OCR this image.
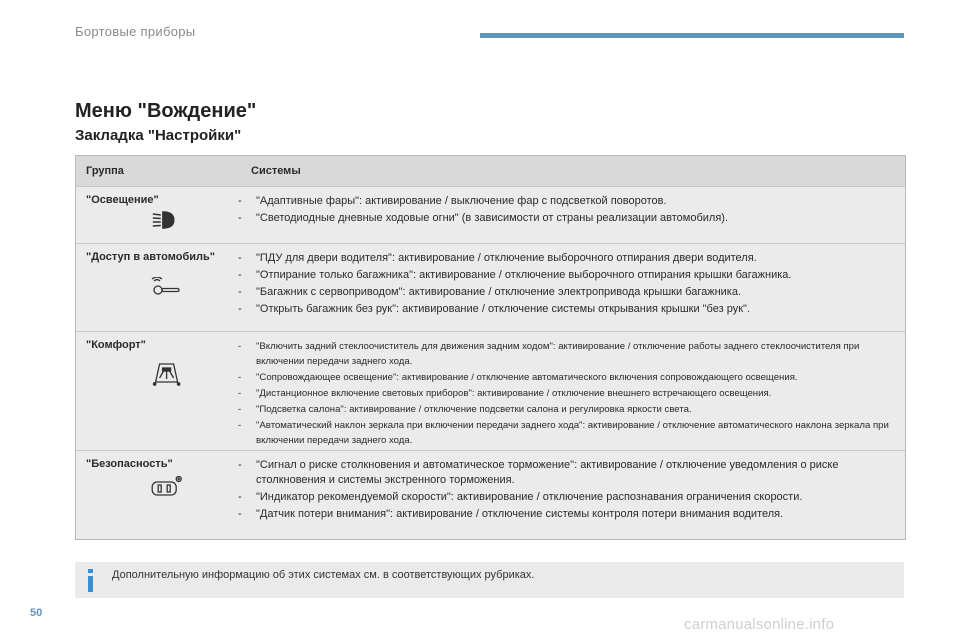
Бортовые приборы
Меню "Вождение"
Закладка "Настройки"
Группа	Системы
"Освещение"	-	"Адаптивные фары": активирование / выключение фар с подсветкой поворотов.
-	"Светодиодные дневные ходовые огни" (в зависимости от страны реализации автомобиля).
"Доступ в автомобиль"	-	"ПДУ для двери водителя": активирование / отключение выборочного отпирания двери водителя.
-	"Отпирание только багажника": активирование / отключение выборочного отпирания крышки багажника.
-	"Багажник с сервоприводом": активирование / отключение электропривода крышки багажника.
-	"Открыть багажник без рук": активирование / отключение системы открывания крышки "без рук".
"Комфорт"	-	"Включить задний стеклоочиститель для движения задним ходом": активирование / отключение работы заднего стеклоочистителя при включении передачи заднего хода.
-	"Сопровождающее освещение": активирование / отключение автоматического включения сопровождающего освещения.
-	"Дистанционное включение световых приборов": активирование / отключение внешнего встречающего освещения.
-	"Подсветка салона": активирование / отключение подсветки салона и регулировка яркости света.
-	"Автоматический наклон зеркала при включении передачи заднего хода": активирование / отключение автоматического наклона зеркала при включении передачи заднего хода.
"Безопасность"	-	"Сигнал о риске столкновения и автоматическое торможение": активирование / отключение уведомления о риске столкновения и системы экстренного торможения.
-	"Индикатор рекомендуемой скорости": активирование / отключение распознавания ограничения скорости.
-	"Датчик потери внимания": активирование / отключение системы контроля потери внимания водителя.
Дополнительную информацию об этих системах см. в соответствующих рубриках.
50
carmanualsonline.info
